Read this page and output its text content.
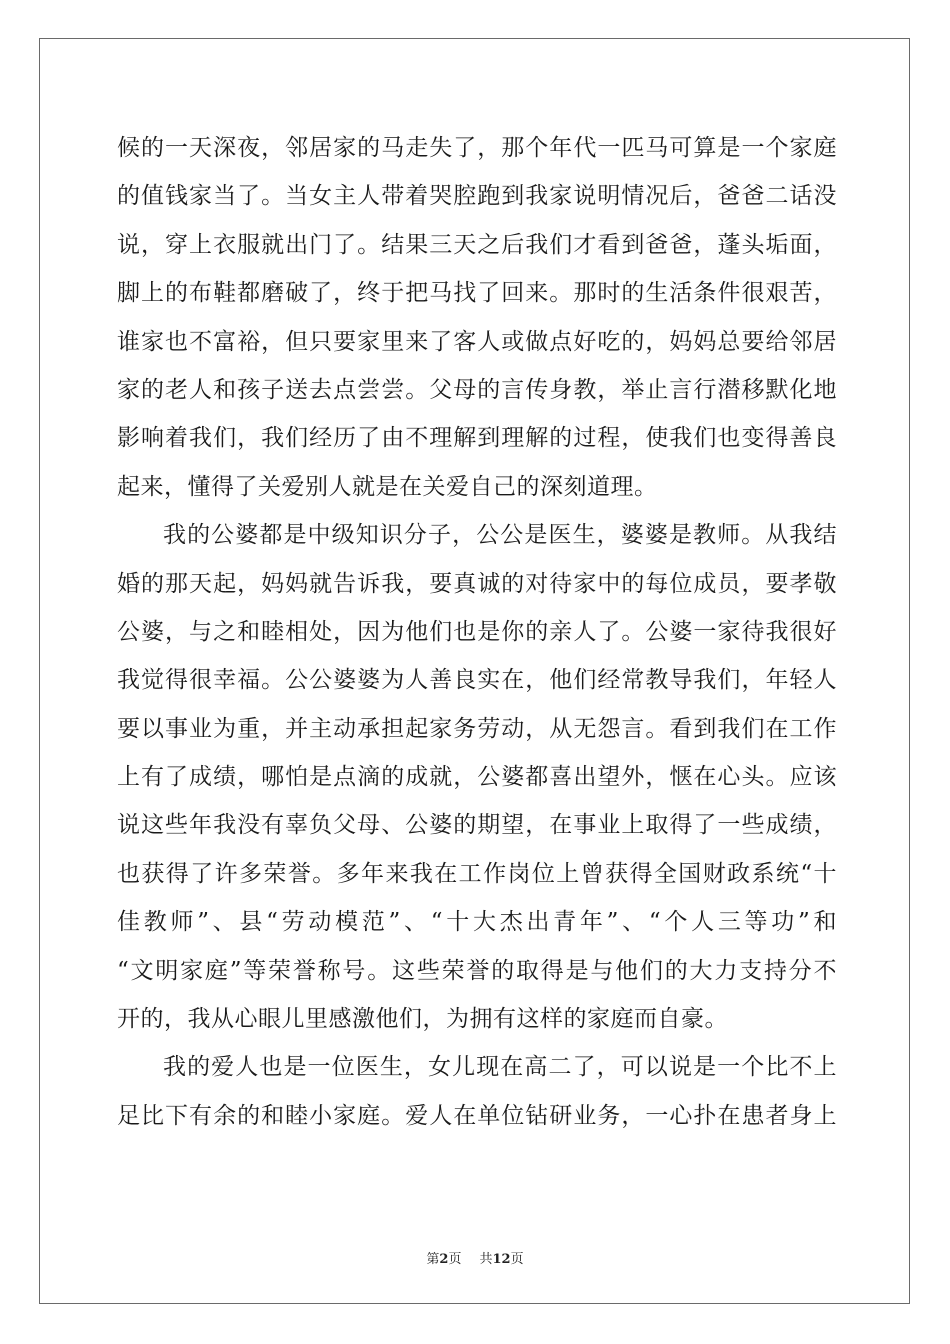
候的一天深夜，邻居家的马走失了，那个年代一匹马可算是一个家庭
的值钱家当了。当女主人带着哭腔跑到我家说明情况后，爸爸二话没
说，穿上衣服就出门了。结果三天之后我们才看到爸爸，蓬头垢面，
脚上的布鞋都磨破了，终于把马找了回来。那时的生活条件很艰苦，
谁家也不富裕，但只要家里来了客人或做点好吃的，妈妈总要给邻居
家的老人和孩子送去点尝尝。父母的言传身教，举止言行潜移默化地
影响着我们，我们经历了由不理解到理解的过程，使我们也变得善良
起来，懂得了关爱别人就是在关爱自己的深刻道理。
我的公婆都是中级知识分子，公公是医生，婆婆是教师。从我结
婚的那天起，妈妈就告诉我，要真诚的对待家中的每位成员，要孝敬
公婆，与之和睦相处，因为他们也是你的亲人了。公婆一家待我很好
我觉得很幸福。公公婆婆为人善良实在，他们经常教导我们，年轻人
要以事业为重，并主动承担起家务劳动，从无怨言。看到我们在工作
上有了成绩，哪怕是点滴的成就，公婆都喜出望外，惬在心头。应该
说这些年我没有辜负父母、公婆的期望，在事业上取得了一些成绩，
也获得了许多荣誉。多年来我在工作岗位上曾获得全国财政系统“十
佳教师”、县“劳动模范”、“十大杰出青年”、“个人三等功”和
“文明家庭”等荣誉称号。这些荣誉的取得是与他们的大力支持分不
开的，我从心眼儿里感激他们，为拥有这样的家庭而自豪。
我的爱人也是一位医生，女儿现在高二了，可以说是一个比不上
足比下有余的和睦小家庭。爱人在单位钻研业务，一心扑在患者身上
第2页 共12页
